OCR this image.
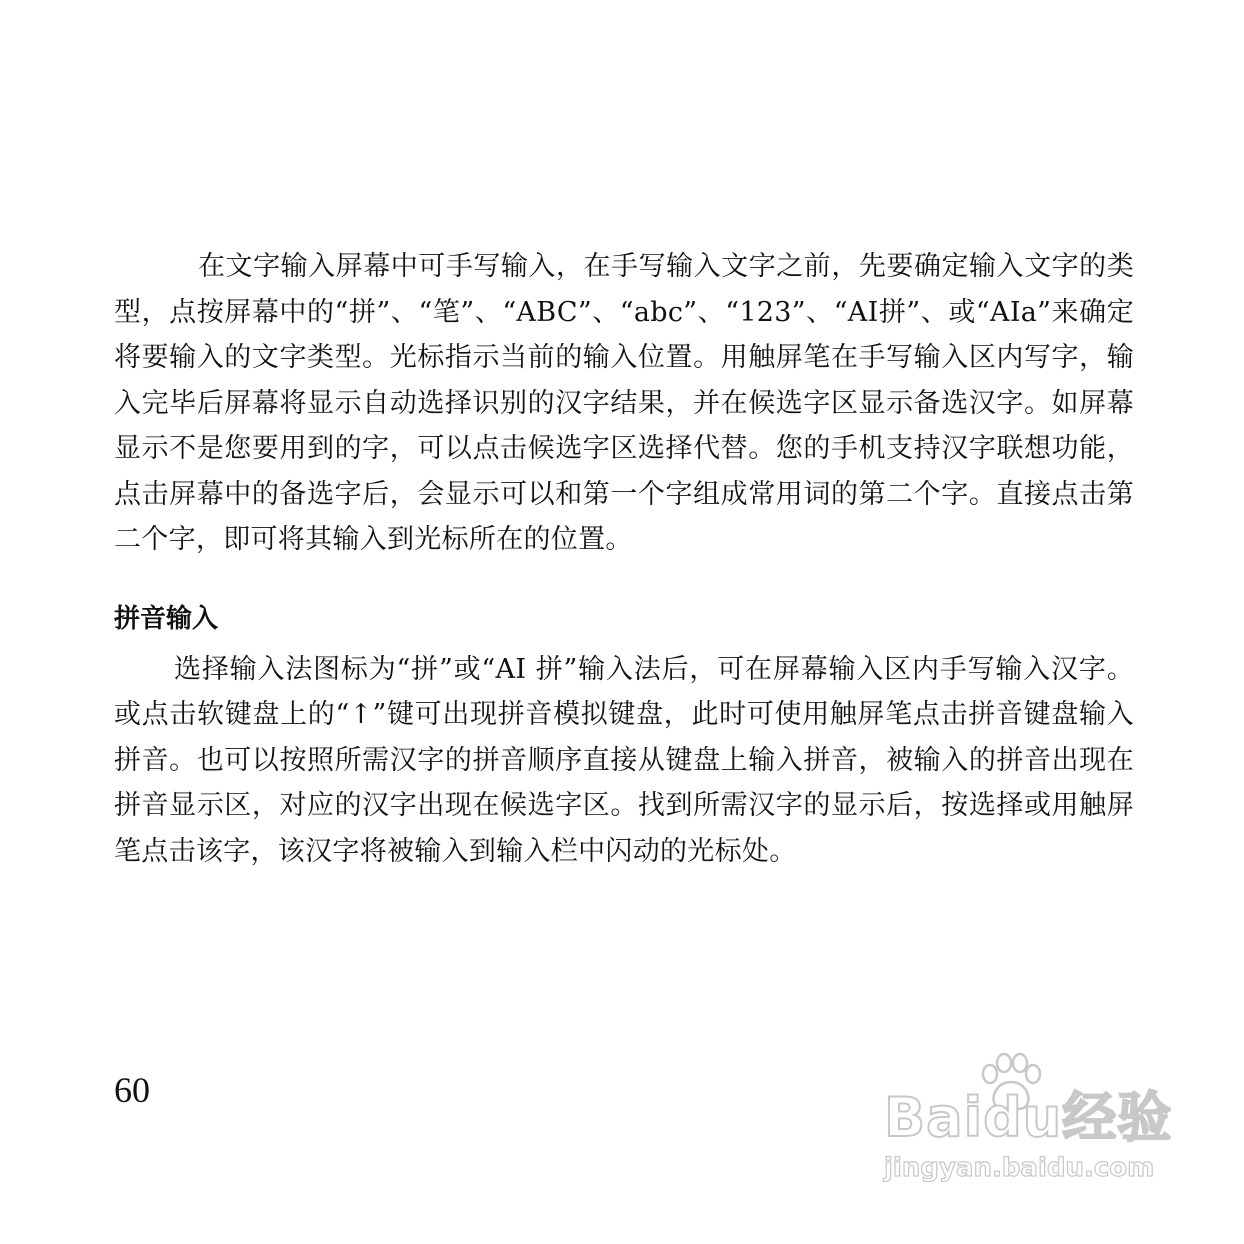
在文字输入屏幕中可手写输入，在手写输入文字之前，先要确定输入文字的类型，点按屏幕中的“拼”、“笔”、“ABC”、“abc”、“123”、“AI拼”、或“AIa”来确定将要输入的文字类型。光标指示当前的输入位置。用触屏笔在手写输入区内写字，输入完毕后屏幕将显示自动选择识别的汉字结果，并在候选字区显示备选汉字。如屏幕显示不是您要用到的字，可以点击候选字区选择代替。您的手机支持汉字联想功能，点击屏幕中的备选字后，会显示可以和第一个字组成常用词的第二个字。直接点击第二个字，即可将其输入到光标所在的位置。

拼音输入

选择输入法图标为“拼”或“AI 拼”输入法后，可在屏幕输入区内手写输入汉字。或点击软键盘上的“↑”键可出现拼音模拟键盘，此时可使用触屏笔点击拼音键盘输入拼音。也可以按照所需汉字的拼音顺序直接从键盘上输入拼音，被输入的拼音出现在拼音显示区，对应的汉字出现在候选字区。找到所需汉字的显示后，按选择或用触屏笔点击该字，该汉字将被输入到输入栏中闪动的光标处。

60	Baidu经验
jingyan.baidu.com
